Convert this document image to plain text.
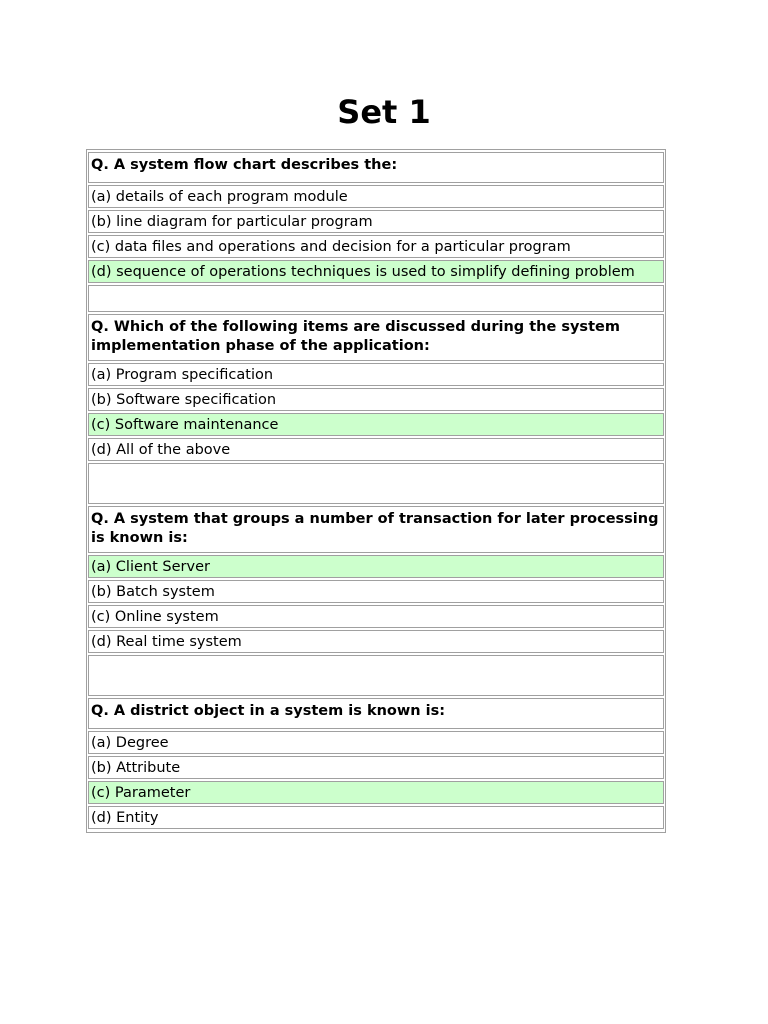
Set 1
Q. A system flow chart describes the:
(a) details of each program module
(b) line diagram for particular program
(c) data files and operations and decision for a particular program
(d) sequence of operations techniques is used to simplify defining problem
Q. Which of the following items are discussed during the system implementation phase of the application:
(a) Program specification
(b) Software specification
(c) Software maintenance
(d) All of the above
Q. A system that groups a number of transaction for later processing is known is:
(a) Client Server
(b) Batch system
(c) Online system
(d) Real time system
Q. A district object in a system is known is:
(a) Degree
(b) Attribute
(c) Parameter
(d) Entity
